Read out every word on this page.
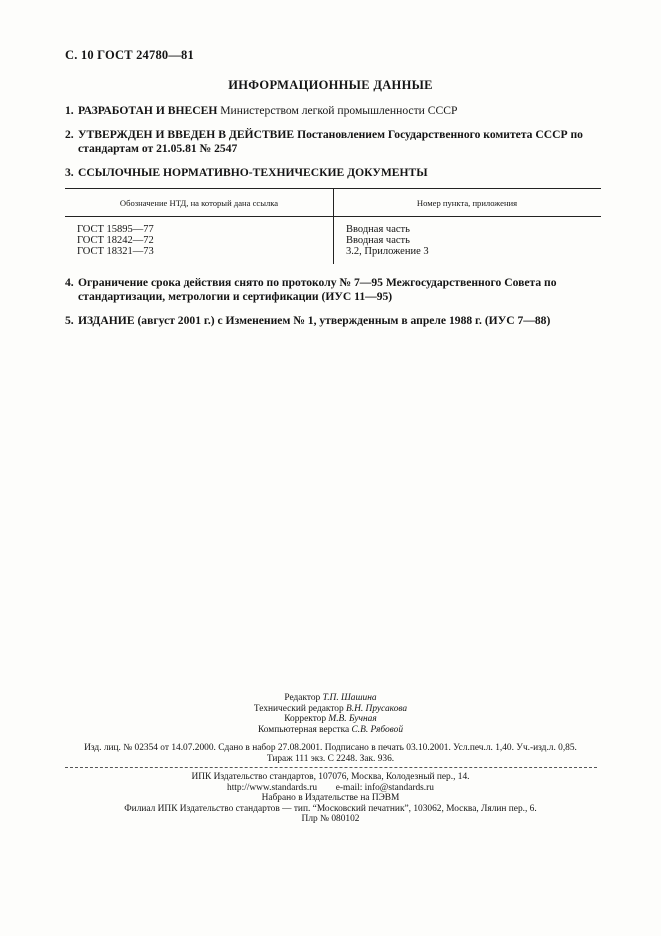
С. 10 ГОСТ 24780—81
ИНФОРМАЦИОННЫЕ ДАННЫЕ
1. РАЗРАБОТАН И ВНЕСЕН Министерством легкой промышленности СССР
2. УТВЕРЖДЕН И ВВЕДЕН В ДЕЙСТВИЕ Постановлением Государственного комитета СССР по стандартам от 21.05.81 № 2547
3. ССЫЛОЧНЫЕ НОРМАТИВНО-ТЕХНИЧЕСКИЕ ДОКУМЕНТЫ
Обозначение НТД, на который дана ссылка	Номер пункта, приложения
ГОСТ 15895—77
ГОСТ 18242—72
ГОСТ 18321—73
Вводная часть
Вводная часть
3.2, Приложение 3
4. Ограничение срока действия снято по протоколу № 7—95 Межгосударственного Совета по стандартизации, метрологии и сертификации (ИУС 11—95)
5. ИЗДАНИЕ (август 2001 г.) с Изменением № 1, утвержденным в апреле 1988 г. (ИУС 7—88)
Редактор Т.П. Шашина
Технический редактор В.Н. Прусакова
Корректор М.В. Бучная
Компьютерная верстка С.В. Рябовой
Изд. лиц. № 02354 от 14.07.2000. Сдано в набор 27.08.2001. Подписано в печать 03.10.2001. Усл.печ.л. 1,40. Уч.-изд.л. 0,85.
Тираж 111 экз. С 2248. Зак. 936.
ИПК Издательство стандартов, 107076, Москва, Колодезный пер., 14.
http://www.standards.ru        e-mail: info@standards.ru
Набрано в Издательстве на ПЭВМ
Филиал ИПК Издательство стандартов — тип. “Московский печатник”, 103062, Москва, Лялин пер., 6.
Плр № 080102
